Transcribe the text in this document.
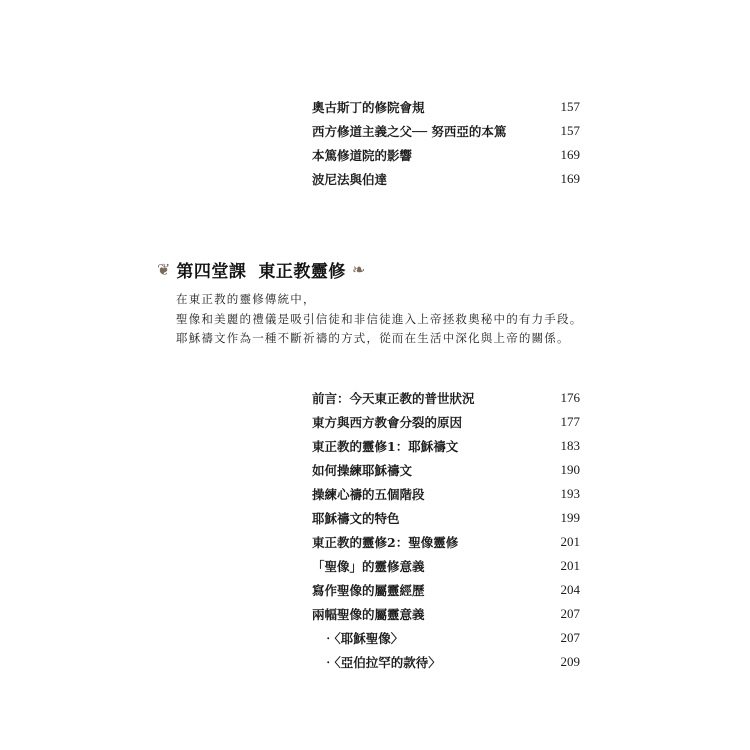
奧古斯丁的修院會規	157
西方修道主義之父── 努西亞的本篤	157
本篤修道院的影響	169
波尼法與伯達	169
❦ 第四堂課 東正教靈修 ❧

在東正教的靈修傳統中，

聖像和美麗的禮儀是吸引信徒和非信徒進入上帝拯救奧秘中的有力手段。

耶穌禱文作為一種不斷祈禱的方式，從而在生活中深化與上帝的關係。

前言：今天東正教的普世狀況	176
東方與西方教會分裂的原因	177
東正教的靈修1：耶穌禱文	183
如何操練耶穌禱文	190
操練心禱的五個階段	193
耶穌禱文的特色	199
東正教的靈修2：聖像靈修	201
「聖像」的靈修意義	201
寫作聖像的屬靈經歷	204
兩幅聖像的屬靈意義	207
‧〈耶穌聖像〉	207
‧〈亞伯拉罕的款待〉	209
